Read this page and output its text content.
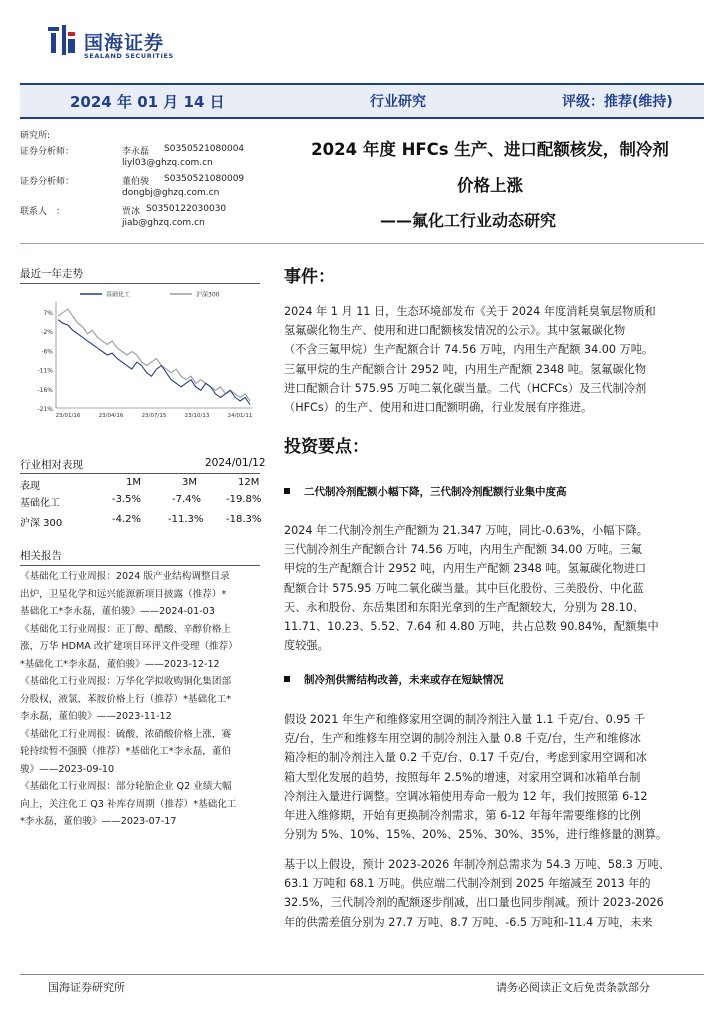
国海证券
SEALAND SECURITIES
2024 年 01 月 14 日	行业研究	评级：推荐(维持)
研究所:
证券分析师：	李永磊 S0350521080004
liyl03@ghzq.com.cn
证券分析师：	董伯骏 S0350521080009
dongbj@ghzq.com.cn
联系人　：	贾冰 S0350122030030
jiab@ghzq.com.cn
2024 年度 HFCs 生产、进口配额核发，制冷剂
价格上涨
——氟化工行业动态研究
最近一年走势
7%
-2%
-6%
-11%
-16%
-21%
23/01/16	23/04/16	23/07/15	23/10/13	24/01/11
基础化工	沪深300
行业相对表现	2024/01/12
表现	1M	3M	12M
基础化工	-3.5%	-7.4% -19.8%
沪深 300	-4.2%	-11.3% -18.3%
相关报告
《基础化工行业周报：2024 版产业结构调整目录
出炉，卫星化学和远兴能源新项目披露（推荐）*
基础化工*李永磊，董伯骏》——2024-01-03
《基础化工行业周报：正丁醇、醋酸、辛醇价格上
涨，万华 HDMA 改扩建项目环评文件受理（推荐）
*基础化工*李永磊，董伯骏》——2023-12-12
《基础化工行业周报：万华化学拟收购铜化集团部
分股权，液氯、苯胺价格上行（推荐）*基础化工*
李永磊，董伯骏》——2023-11-12
《基础化工行业周报：硫酸、浓硝酸价格上涨，赛
轮持续暂不强膜（推荐）*基础化工*李永磊，董伯
骏》——2023-09-10
《基础化工行业周报：部分轮胎企业 Q2 业绩大幅
向上，关注化工 Q3 补库存周期（推荐）*基础化工
*李永磊，董伯骏》——2023-07-17
事件：
2024 年 1 月 11 日，生态环境部发布《关于 2024 年度消耗臭氧层物质和
氢氟碳化物生产、使用和进口配额核发情况的公示》。其中氢氟碳化物
（不含三氟甲烷）生产配额合计 74.56 万吨，内用生产配额 34.00 万吨。
三氟甲烷的生产配额合计 2952 吨，内用生产配额 2348 吨。氢氟碳化物
进口配额合计 575.95 万吨二氧化碳当量。二代（HCFCs）及三代制冷剂
（HFCs）的生产、使用和进口配额明确，行业发展有序推进。
投资要点：
二代制冷剂配额小幅下降，三代制冷剂配额行业集中度高
2024 年二代制冷剂生产配额为 21.347 万吨，同比-0.63%，小幅下降。
三代制冷剂生产配额合计 74.56 万吨，内用生产配额 34.00 万吨。三氟
甲烷的生产配额合计 2952 吨，内用生产配额 2348 吨。氢氟碳化物进口
配额合计 575.95 万吨二氧化碳当量。其中巨化股份、三美股份、中化蓝
天、永和股份、东岳集团和东阳光拿到的生产配额较大，分别为 28.10、
11.71、10.23、5.52、7.64 和 4.80 万吨，共占总数 90.84%，配额集中
度较强。
制冷剂供需结构改善，未来或存在短缺情况
假设 2021 年生产和维修家用空调的制冷剂注入量 1.1 千克/台、0.95 千
克/台，生产和维修车用空调的制冷剂注入量 0.8 千克/台，生产和维修冰
箱冷柜的制冷剂注入量 0.2 千克/台、0.17 千克/台，考虑到家用空调和冰
箱大型化发展的趋势，按照每年 2.5%的增速，对家用空调和冰箱单台制
冷剂注入量进行调整。空调冰箱使用寿命一般为 12 年，我们按照第 6-12
年进入维修期，开始有更换制冷剂需求，第 6-12 年每年需要维修的比例
分别为 5%、10%、15%、20%、25%、30%、35%，进行维修量的测算。
基于以上假设，预计 2023-2026 年制冷剂总需求为 54.3 万吨、58.3 万吨、
63.1 万吨和 68.1 万吨。供应端二代制冷剂到 2025 年缩减至 2013 年的
32.5%，三代制冷剂的配额逐步削减，出口量也同步削减。预计 2023-2026
年的供需差值分别为 27.7 万吨、8.7 万吨、-6.5 万吨和-11.4 万吨，未来
国海证券研究所	请务必阅读正文后免责条款部分
